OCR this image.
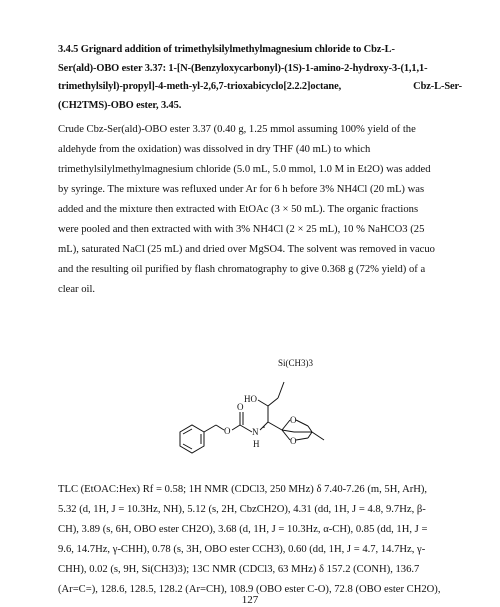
3.4.5 Grignard addition of trimethylsilylmethylmagnesium chloride to Cbz-L-
Ser(ald)-OBO ester 3.37: 1-[N-(Benzyloxycarbonyl)-(1S)-1-amino-2-hydroxy-3-(1,1,1-
trimethylsilyl)-propyl]-4-meth-yl-2,6,7-trioxabicyclo[2.2.2]octane,	Cbz-L-Ser-
(CH2TMS)-OBO ester, 3.45.
Crude Cbz-Ser(ald)-OBO ester 3.37 (0.40 g, 1.25 mmol assuming 100% yield of the
aldehyde from the oxidation) was dissolved in dry THF (40 mL) to which
trimethylsilylmethylmagnesium chloride (5.0 mL, 5.0 mmol, 1.0 M in Et2O) was added
by syringe. The mixture was refluxed under Ar for 6 h before 3% NH4Cl (20 mL) was
added and the mixture then extracted with EtOAc (3 × 50 mL). The organic fractions
were pooled and then extracted with with 3% NH4Cl (2 × 25 mL), 10 % NaHCO3 (25
mL), saturated NaCl (25 mL) and dried over MgSO4. The solvent was removed in vacuo
and the resulting oil purified by flash chromatography to give 0.368 g (72% yield) of a
clear oil.
Si(CH3)3
HO
O
O N
H
O
O
TLC (EtOAC:Hex) Rf = 0.58; 1H NMR (CDCl3, 250 MHz) δ 7.40-7.26 (m, 5H, ArH),
5.32 (d, 1H, J = 10.3Hz, NH), 5.12 (s, 2H, CbzCH2O), 4.31 (dd, 1H, J = 4.8, 9.7Hz, β-
CH), 3.89 (s, 6H, OBO ester CH2O), 3.68 (d, 1H, J = 10.3Hz, α-CH), 0.85 (dd, 1H, J =
9.6, 14.7Hz, γ-CHH), 0.78 (s, 3H, OBO ester CCH3), 0.60 (dd, 1H, J = 4.7, 14.7Hz, γ-
CHH), 0.02 (s, 9H, Si(CH3)3); 13C NMR (CDCl3, 63 MHz) δ 157.2 (CONH), 136.7
(Ar=C=), 128.6, 128.5, 128.2 (Ar=CH), 108.9 (OBO ester C-O), 72.8 (OBO ester CH2O),
127
